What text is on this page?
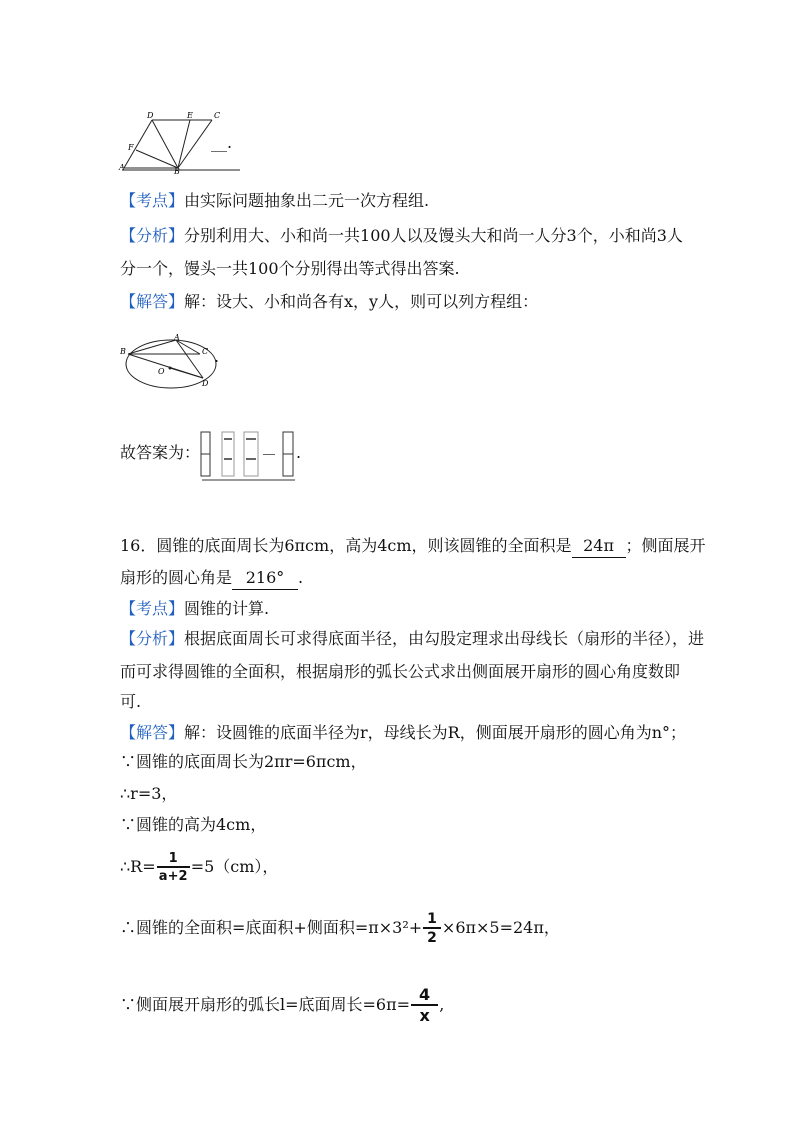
D	E	C
F
A	B
__.
【考点】由实际问题抽象出二元一次方程组.
【分析】分别利用大、小和尚一共100人以及馒头大和尚一人分3个，小和尚3人
分一个，馒头一共100个分别得出等式得出答案.
【解答】解：设大、小和尚各有x，y人，则可以列方程组：
A
B	C
O
D
.
故答案为：	.
16．圆锥的底面周长为6πcm，高为4cm，则该圆锥的全面积是 24π ；侧面展开
扇形的圆心角是 216° .
【考点】圆锥的计算.
【分析】根据底面周长可求得底面半径，由勾股定理求出母线长（扇形的半径），进
而可求得圆锥的全面积，根据扇形的弧长公式求出侧面展开扇形的圆心角度数即
可.
【解答】解：设圆锥的底面半径为r，母线长为R，侧面展开扇形的圆心角为n°；
∵圆锥的底面周长为2πr=6πcm，
∴r=3，
∵圆锥的高为4cm，
∴R= $\frac{1}{a+2} =5(cm)$，
∴圆锥的全面积=底面积+侧面积$=\pi\times 3^2+ \frac{1}{2} \times 6\pi\times 5=24\pi$，
∵侧面展开扇形的弧长l=底面周长$=6\pi= \frac{4}{x}$ ,
